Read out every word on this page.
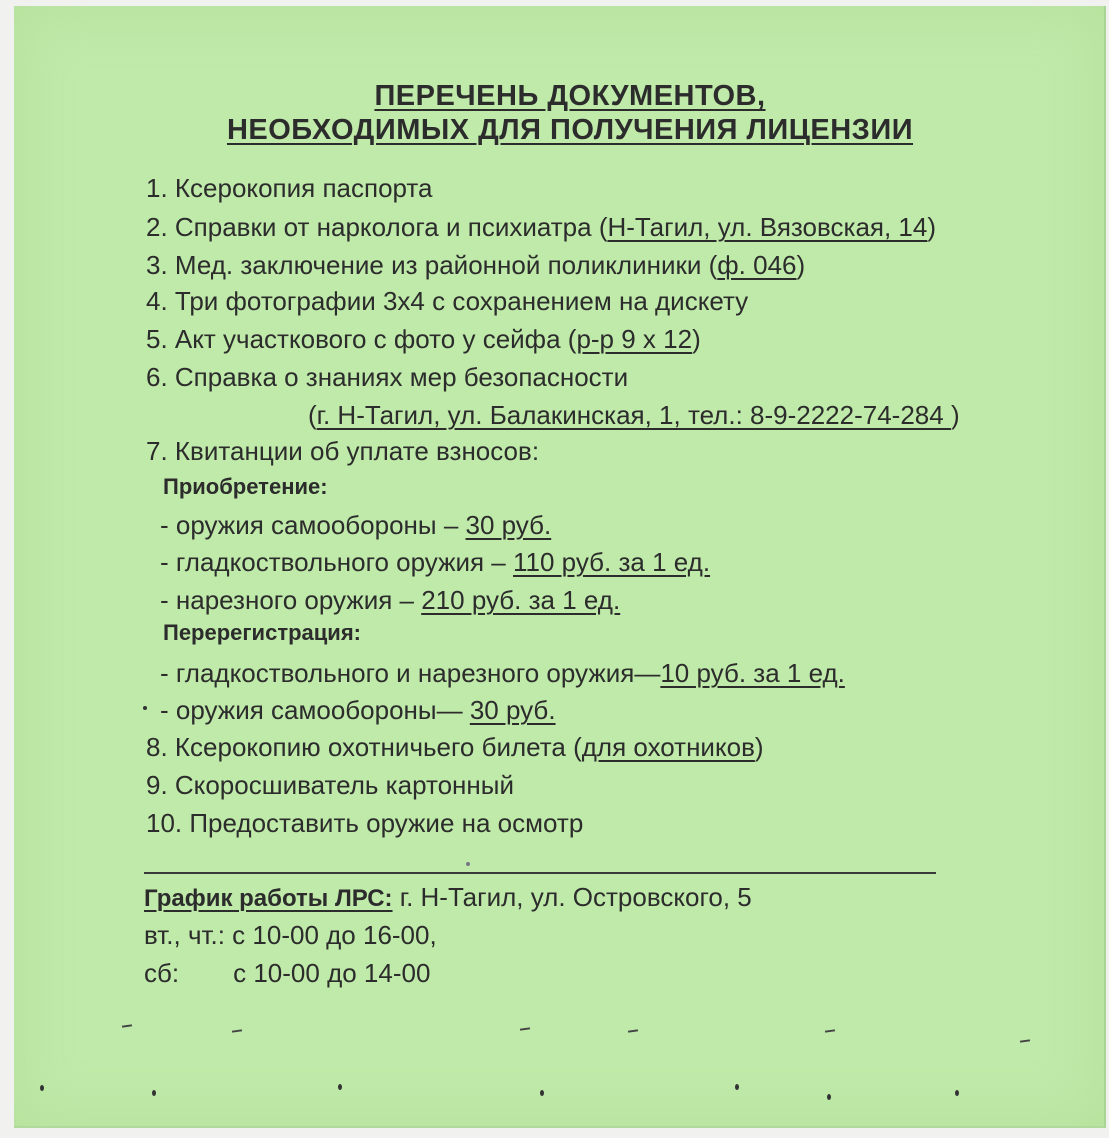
ПЕРЕЧЕНЬ ДОКУМЕНТОВ,
НЕОБХОДИМЫХ ДЛЯ ПОЛУЧЕНИЯ ЛИЦЕНЗИИ
1. Ксерокопия паспорта
2. Справки от нарколога и психиатра (Н-Тагил, ул. Вязовская, 14)
3. Мед. заключение из районной поликлиники (ф. 046)
4. Три фотографии 3х4 с сохранением на дискету
5. Акт участкового с фото у сейфа (р-р 9 х 12)
6. Справка о знаниях мер безопасности
(г. Н-Тагил, ул. Балакинская, 1, тел.: 8-9-2222-74-284 )
7. Квитанции об уплате взносов:
Приобретение:
- оружия самообороны – 30 руб.
- гладкоствольного оружия – 110 руб. за 1 ед.
- нарезного оружия – 210 руб. за 1 ед.
Перерегистрация:
- гладкоствольного и нарезного оружия—10 руб. за 1 ед.
- оружия самообороны— 30 руб.
8. Ксерокопию охотничьего билета (для охотников)
9. Скоросшиватель картонный
10. Предоставить оружие на осмотр
График работы ЛРС: г. Н-Тагил, ул. Островского, 5
вт., чт.: с 10-00 до 16-00,
сб: с 10-00 до 14-00
